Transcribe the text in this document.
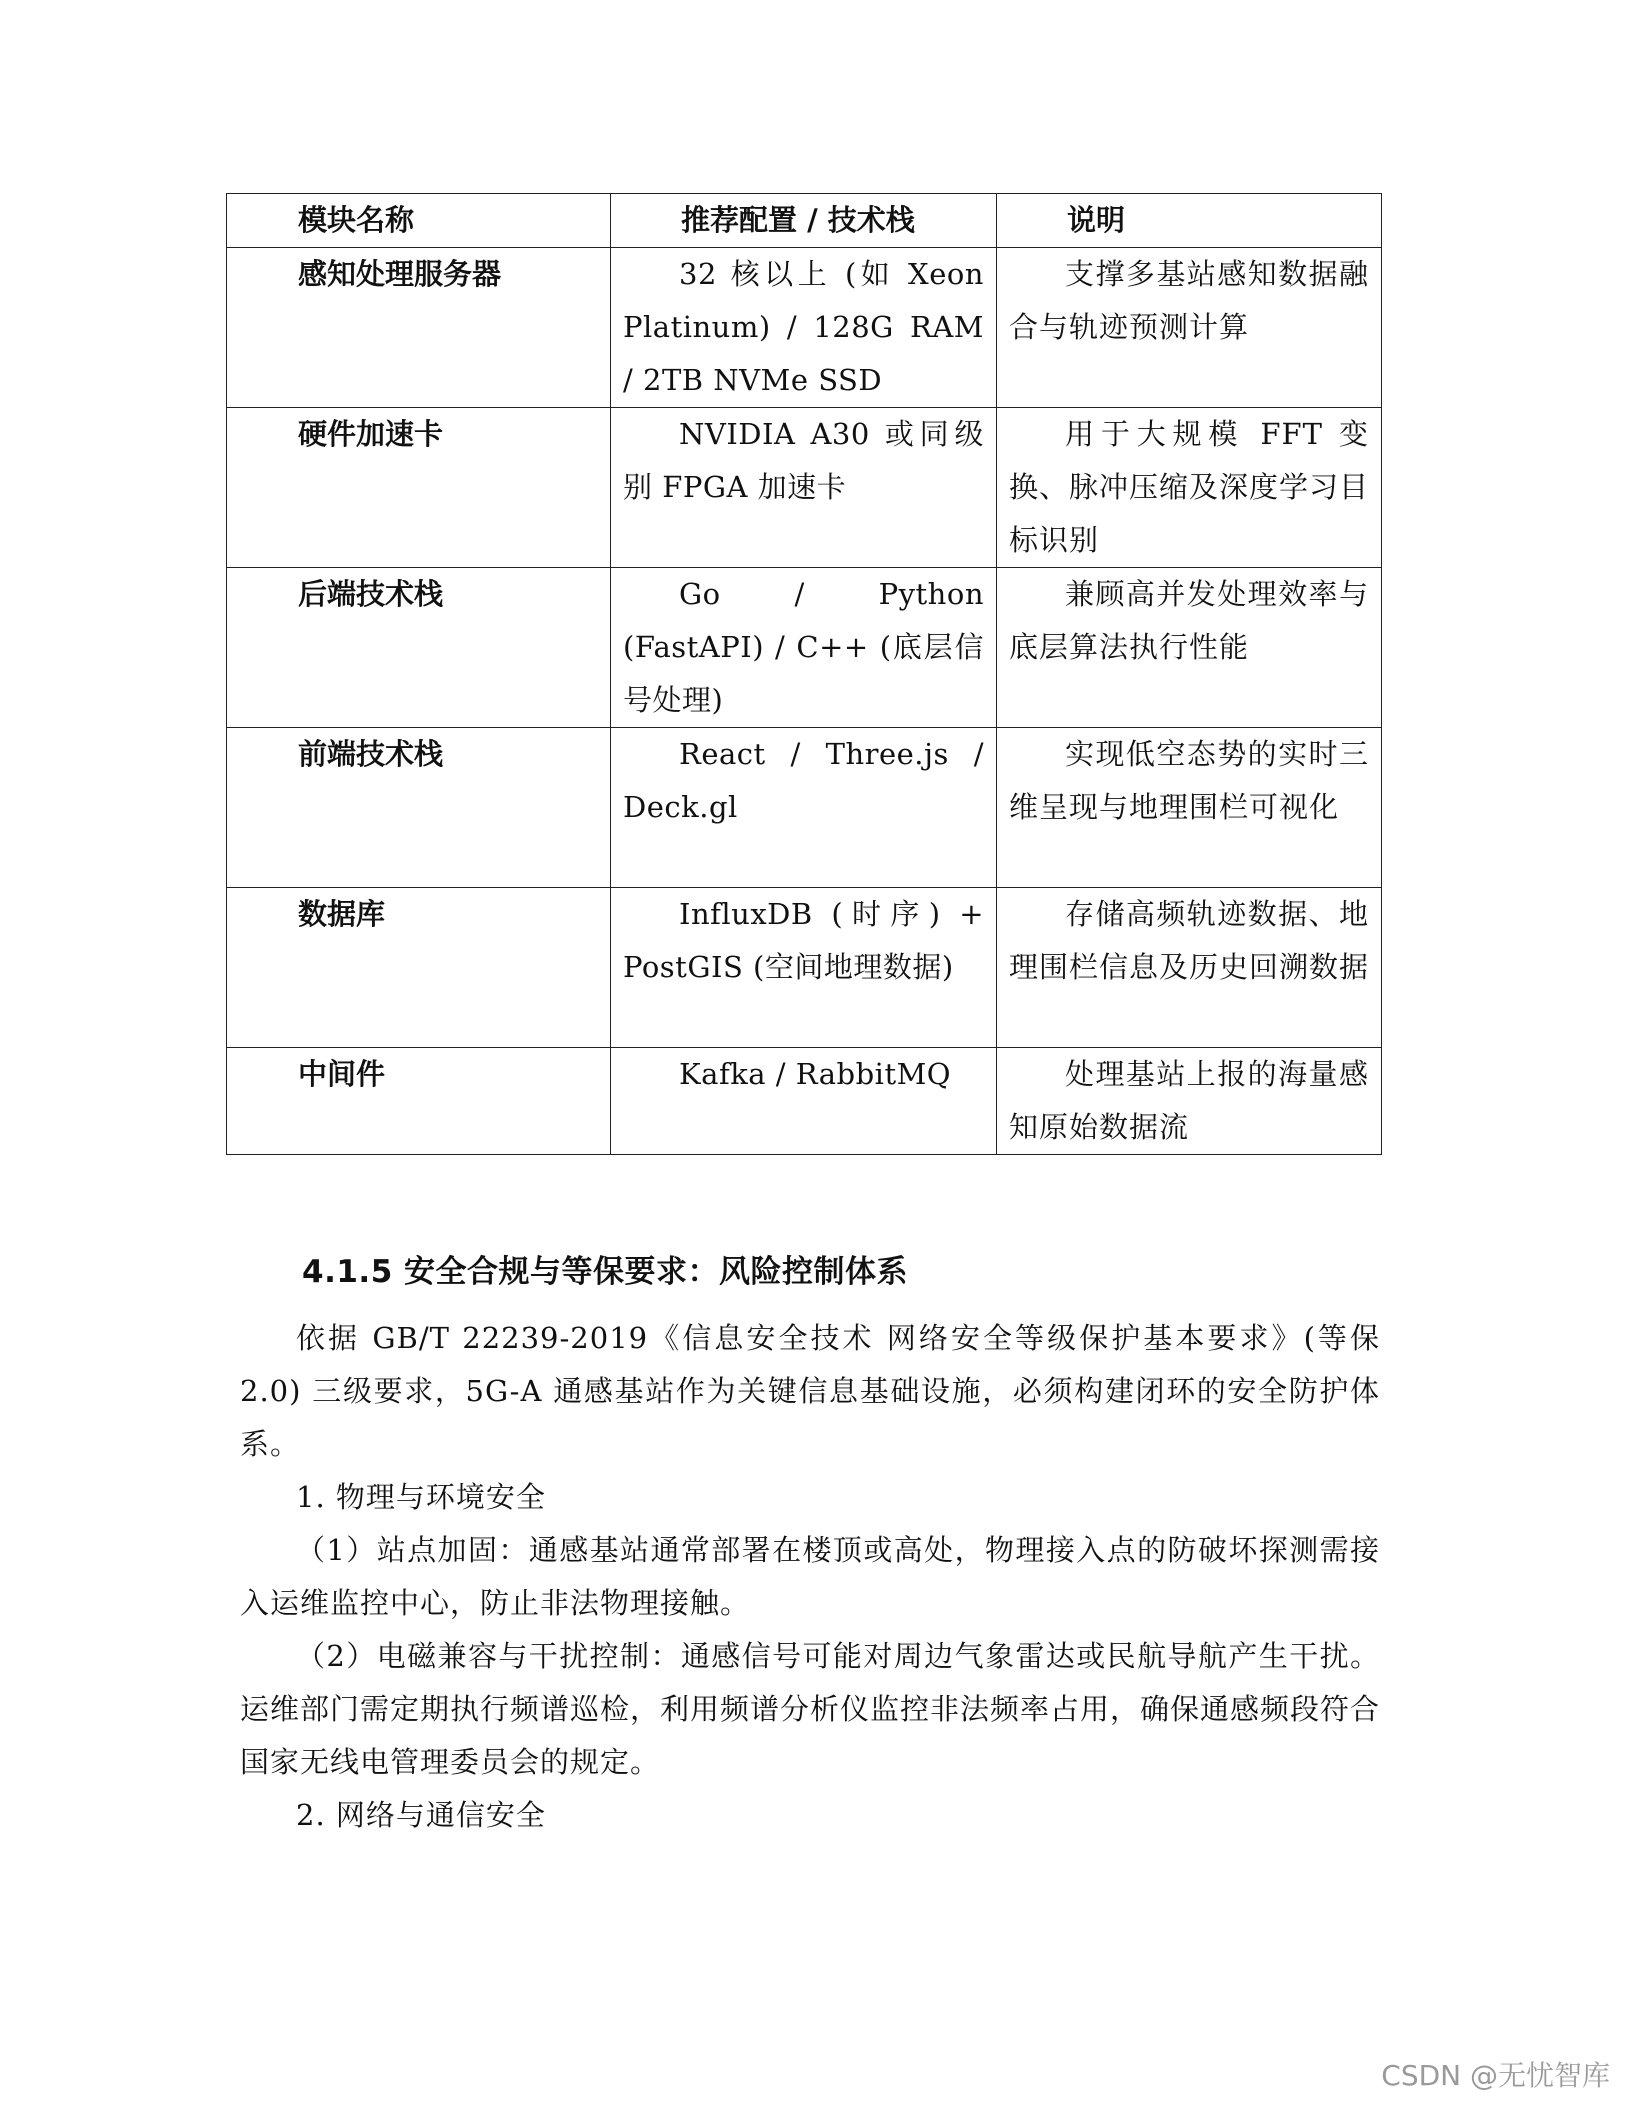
模块名称	推荐配置 / 技术栈	说明

感知处理服务器	32 核以上 (如 Xeon Platinum) / 128G RAM / 2TB NVMe SSD	支撑多基站感知数据融合与轨迹预测计算
硬件加速卡	NVIDIA A30 或同级别 FPGA 加速卡	用于大规模 FFT 变换、脉冲压缩及深度学习目标识别
后端技术栈	Go / Python (FastAPI) / C++ (底层信号处理)	兼顾高并发处理效率与底层算法执行性能
前端技术栈	React / Three.js / Deck.gl	实现低空态势的实时三维呈现与地理围栏可视化
数据库	InfluxDB (时序) + PostGIS (空间地理数据)	存储高频轨迹数据、地理围栏信息及历史回溯数据
中间件	Kafka / RabbitMQ	处理基站上报的海量感知原始数据流
4.1.5 安全合规与等保要求：风险控制体系

依据 GB/T 22239-2019《信息安全技术 网络安全等级保护基本要求》(等保 2.0) 三级要求，5G-A 通感基站作为关键信息基础设施，必须构建闭环的安全防护体系。

1. 物理与环境安全

（1）站点加固：通感基站通常部署在楼顶或高处，物理接入点的防破坏探测需接入运维监控中心，防止非法物理接触。

（2）电磁兼容与干扰控制：通感信号可能对周边气象雷达或民航导航产生干扰。运维部门需定期执行频谱巡检，利用频谱分析仪监控非法频率占用，确保通感频段符合国家无线电管理委员会的规定。

2. 网络与通信安全

CSDN @无忧智库
